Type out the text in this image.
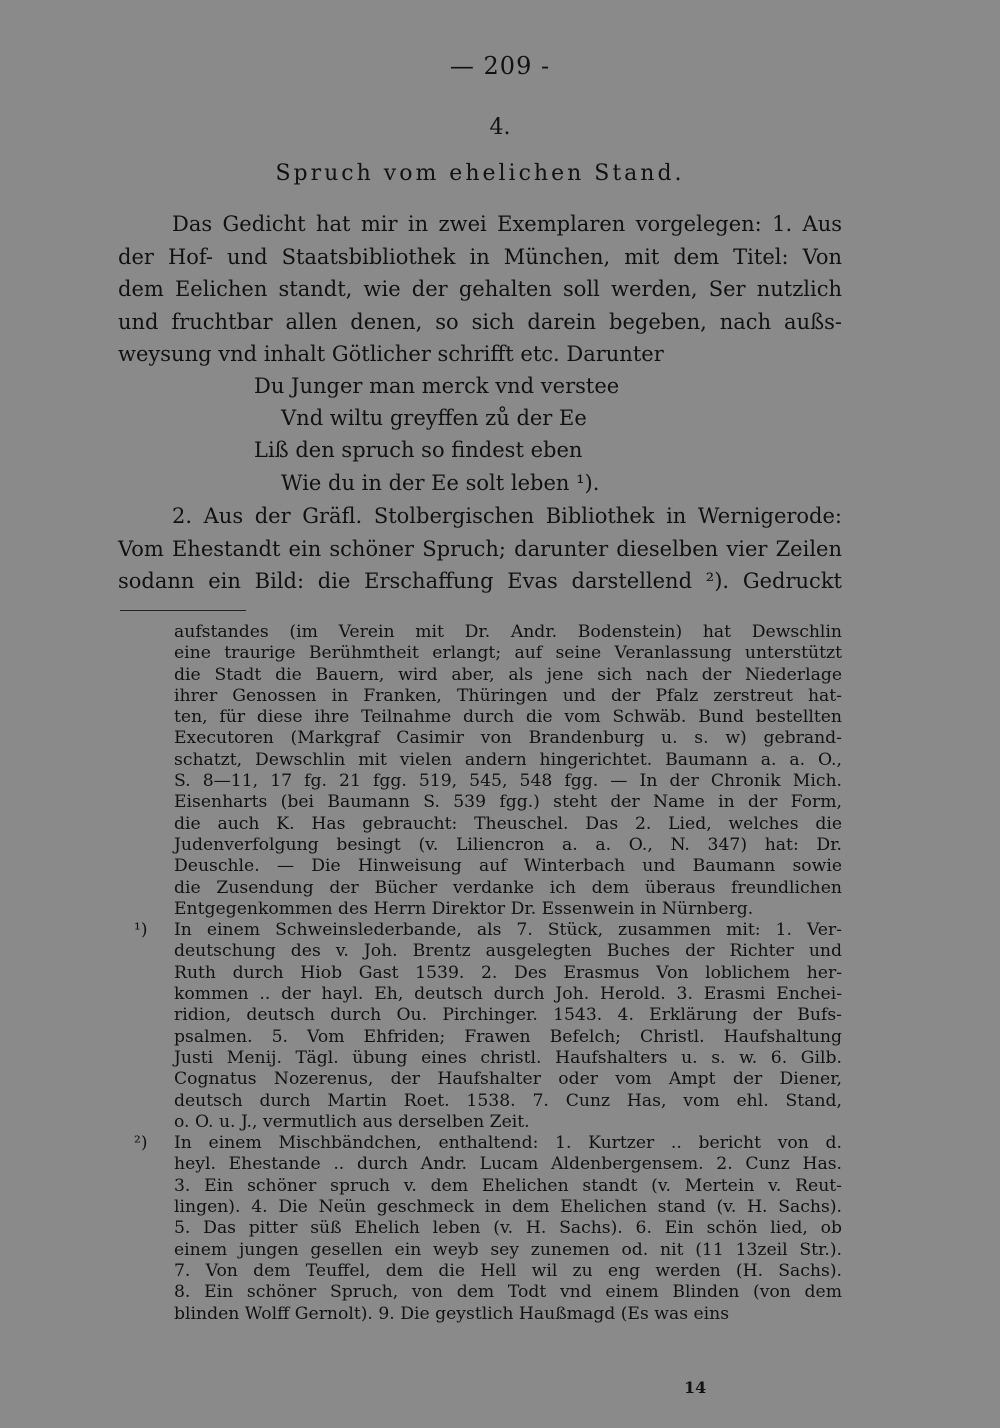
— 209 -
4.
Spruch vom ehelichen Stand.
Das Gedicht hat mir in zwei Exemplaren vorgelegen: 1. Aus
der Hof- und Staatsbibliothek in München, mit dem Titel: Von
dem Eelichen standt, wie der gehalten soll werden, Ser nutzlich
und fruchtbar allen denen, so sich darein begeben, nach außs-
weysung vnd inhalt Götlicher schrifft etc. Darunter
Du Junger man merck vnd verstee
Vnd wiltu greyffen zů der Ee
Liß den spruch so findest eben
Wie du in der Ee solt leben ¹).
2. Aus der Gräfl. Stolbergischen Bibliothek in Wernigerode:
Vom Ehestandt ein schöner Spruch; darunter dieselben vier Zeilen
sodann ein Bild: die Erschaffung Evas darstellend ²). Gedruckt
aufstandes (im Verein mit Dr. Andr. Bodenstein) hat Dewschlin
eine traurige Berühmtheit erlangt; auf seine Veranlassung unterstützt
die Stadt die Bauern, wird aber, als jene sich nach der Niederlage
ihrer Genossen in Franken, Thüringen und der Pfalz zerstreut hat-
ten, für diese ihre Teilnahme durch die vom Schwäb. Bund bestellten
Executoren (Markgraf Casimir von Brandenburg u. s. w) gebrand-
schatzt, Dewschlin mit vielen andern hingerichtet. Baumann a. a. O.,
S. 8—11, 17 fg. 21 fgg. 519, 545, 548 fgg. — In der Chronik Mich.
Eisenharts (bei Baumann S. 539 fgg.) steht der Name in der Form,
die auch K. Has gebraucht: Theuschel. Das 2. Lied, welches die
Judenverfolgung besingt (v. Liliencron a. a. O., N. 347) hat: Dr.
Deuschle. — Die Hinweisung auf Winterbach und Baumann sowie
die Zusendung der Bücher verdanke ich dem überaus freundlichen
Entgegenkommen des Herrn Direktor Dr. Essenwein in Nürnberg.
¹) In einem Schweinslederbande, als 7. Stück, zusammen mit: 1. Ver-
deutschung des v. Joh. Brentz ausgelegten Buches der Richter und
Ruth durch Hiob Gast 1539. 2. Des Erasmus Von loblichem her-
kommen .. der hayl. Eh, deutsch durch Joh. Herold. 3. Erasmi Enchei-
ridion, deutsch durch Ou. Pirchinger. 1543. 4. Erklärung der Bufs-
psalmen. 5. Vom Ehfriden; Frawen Befelch; Christl. Haufshaltung
Justi Menij. Tägl. übung eines christl. Haufshalters u. s. w. 6. Gilb.
Cognatus Nozerenus, der Haufshalter oder vom Ampt der Diener,
deutsch durch Martin Roet. 1538. 7. Cunz Has, vom ehl. Stand,
o. O. u. J., vermutlich aus derselben Zeit.
²) In einem Mischbändchen, enthaltend: 1. Kurtzer .. bericht von d.
heyl. Ehestande .. durch Andr. Lucam Aldenbergensem. 2. Cunz Has.
3. Ein schöner spruch v. dem Ehelichen standt (v. Mertein v. Reut-
lingen). 4. Die Neün geschmeck in dem Ehelichen stand (v. H. Sachs).
5. Das pitter süß Ehelich leben (v. H. Sachs). 6. Ein schön lied, ob
einem jungen gesellen ein weyb sey zunemen od. nit (11 13zeil Str.).
7. Von dem Teuffel, dem die Hell wil zu eng werden (H. Sachs).
8. Ein schöner Spruch, von dem Todt vnd einem Blinden (von dem
blinden Wolff Gernolt). 9. Die geystlich Haußmagd (Es was eins
14
